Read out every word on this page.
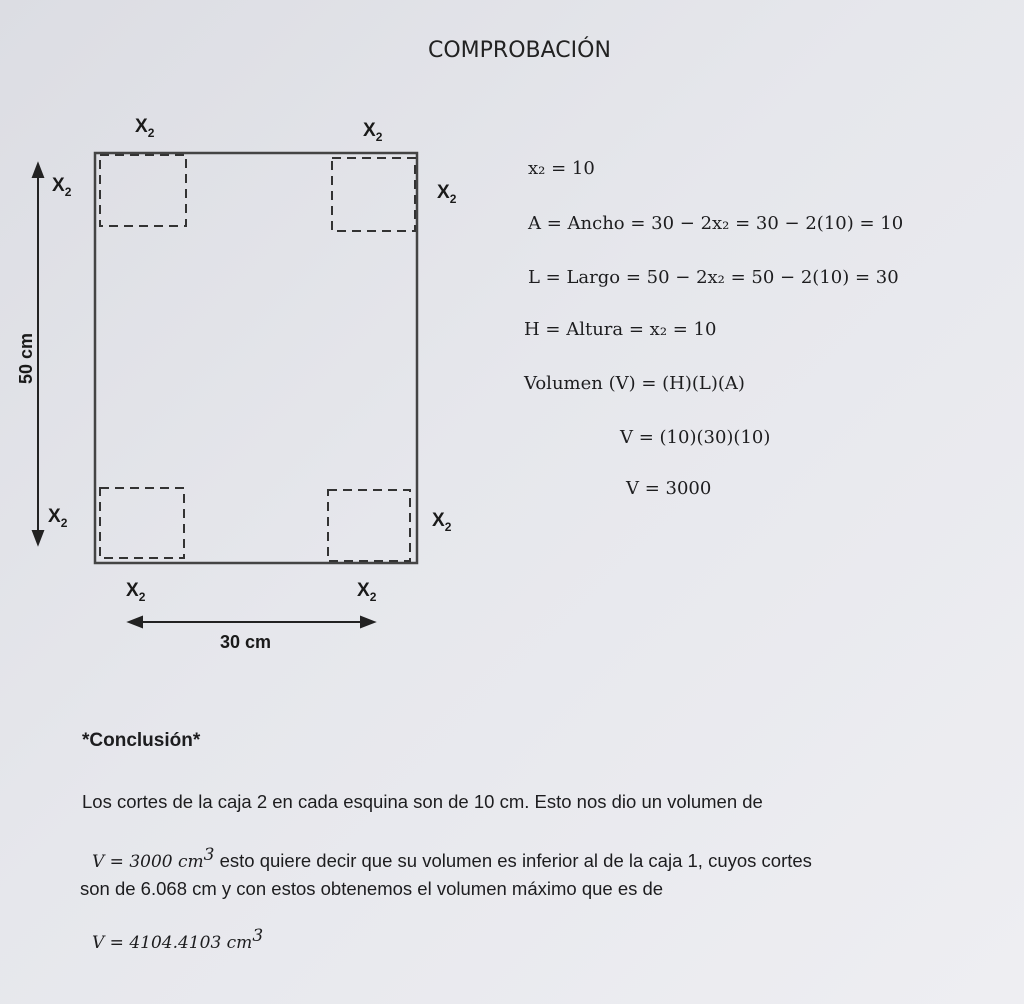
COMPROBACIÓN
$X_2$	$X_2$
$X_2$	$X_2$
$X_2$	$X_2$
$X_2$	$X_2$
50 cm
30 cm
x₂ = 10
A = Ancho = 30 − 2x₂ = 30 − 2(10) = 10
L = Largo = 50 − 2x₂ = 50 − 2(10) = 30
H = Altura = x₂ = 10
Volumen (V) = (H)(L)(A)
V = (10)(30)(10)
V = 3000
*Conclusión*
Los cortes de la caja 2 en cada esquina son de 10 cm. Esto nos dio un volumen de
V = 3000 $cm^3$ esto quiere decir que su volumen es inferior al de la caja 1, cuyos cortes
son de 6.068 cm y con estos obtenemos el volumen máximo que es de
V = 4104.4103 $cm^3$
